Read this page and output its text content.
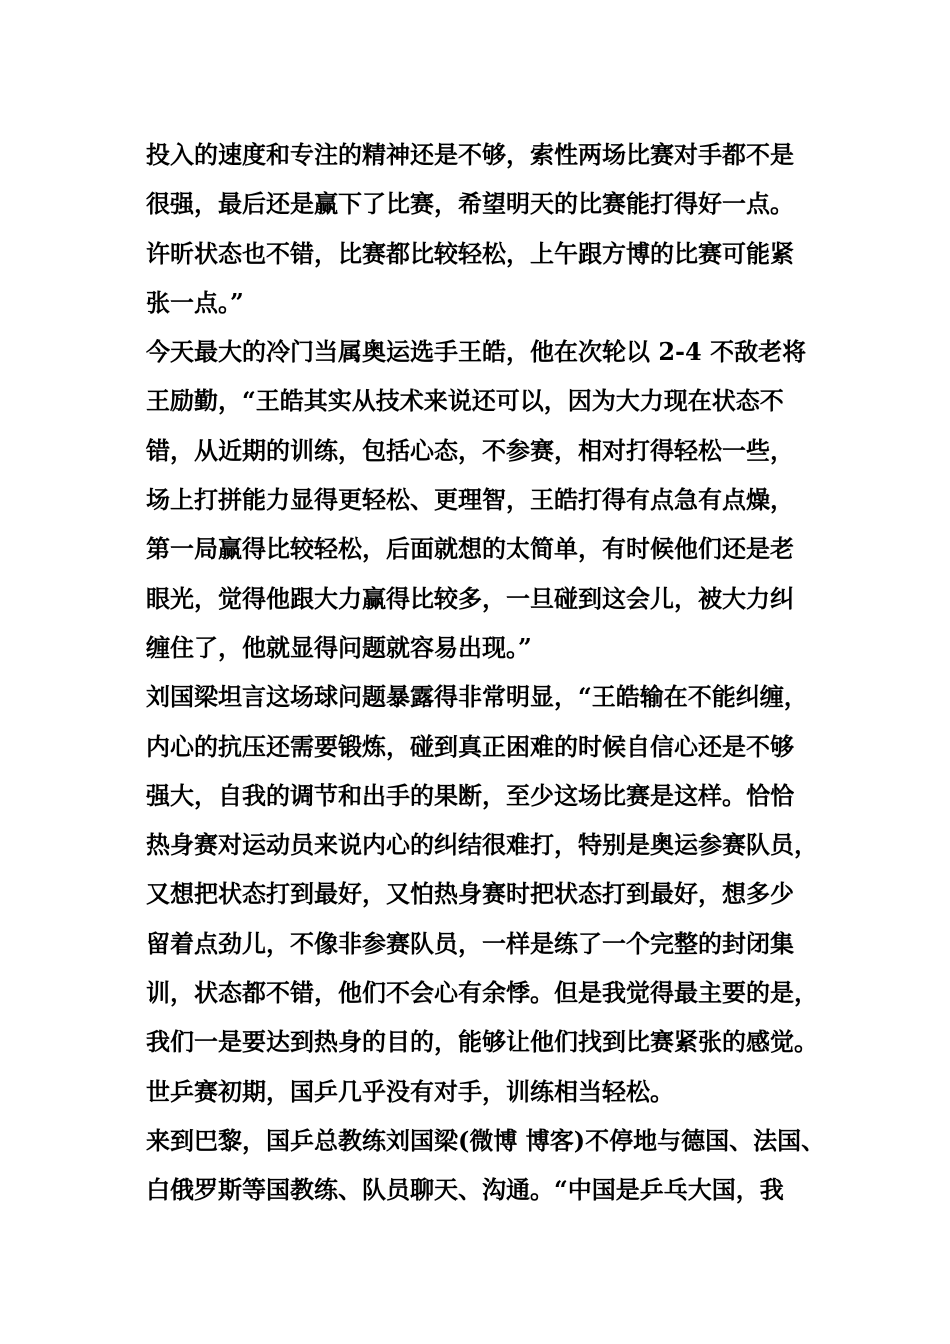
投入的速度和专注的精神还是不够，索性两场比赛对手都不是
很强，最后还是赢下了比赛，希望明天的比赛能打得好一点。
许昕状态也不错，比赛都比较轻松，上午跟方博的比赛可能紧
张一点。”
今天最大的冷门当属奥运选手王皓，他在次轮以 2-4 不敌老将
王励勤，“王皓其实从技术来说还可以，因为大力现在状态不
错，从近期的训练，包括心态，不参赛，相对打得轻松一些，
场上打拼能力显得更轻松、更理智，王皓打得有点急有点燥，
第一局赢得比较轻松，后面就想的太简单，有时候他们还是老
眼光，觉得他跟大力赢得比较多，一旦碰到这会儿，被大力纠
缠住了，他就显得问题就容易出现。”
刘国梁坦言这场球问题暴露得非常明显，“王皓输在不能纠缠，
内心的抗压还需要锻炼，碰到真正困难的时候自信心还是不够
强大，自我的调节和出手的果断，至少这场比赛是这样。恰恰
热身赛对运动员来说内心的纠结很难打，特别是奥运参赛队员，
又想把状态打到最好，又怕热身赛时把状态打到最好，想多少
留着点劲儿，不像非参赛队员，一样是练了一个完整的封闭集
训，状态都不错，他们不会心有余悸。但是我觉得最主要的是，
我们一是要达到热身的目的，能够让他们找到比赛紧张的感觉。
世乒赛初期，国乒几乎没有对手，训练相当轻松。
来到巴黎，国乒总教练刘国梁(微博 博客)不停地与德国、法国、
白俄罗斯等国教练、队员聊天、沟通。“中国是乒乓大国，我
